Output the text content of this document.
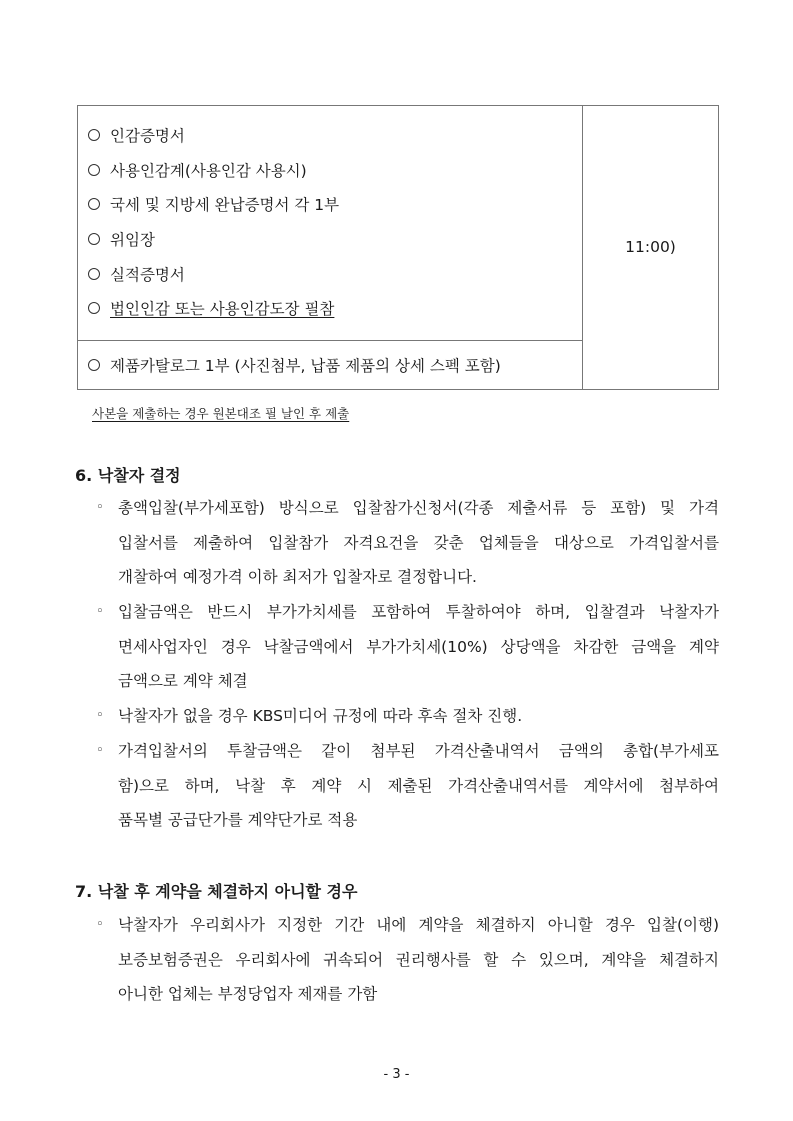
인감증명서
사용인감계(사용인감 사용시)
국세 및 지방세 완납증명서 각 1부
위임장
실적증명서
법인인감 또는 사용인감도장 필참
	11:00)

제품카탈로그 1부 (사진첨부, 납품 제품의 상세 스펙 포함)
사본을 제출하는 경우 원본대조 필 날인 후 제출
6. 낙찰자 결정
◦ 총액입찰(부가세포함) 방식으로 입찰참가신청서(각종 제출서류 등 포함) 및 가격
입찰서를 제출하여 입찰참가 자격요건을 갖춘 업체들을 대상으로 가격입찰서를
개찰하여 예정가격 이하 최저가 입찰자로 결정합니다.
◦ 입찰금액은 반드시 부가가치세를 포함하여 투찰하여야 하며, 입찰결과 낙찰자가
면세사업자인 경우 낙찰금액에서 부가가치세(10%) 상당액을 차감한 금액을 계약
금액으로 계약 체결
◦ 낙찰자가 없을 경우 KBS미디어 규정에 따라 후속 절차 진행.
◦ 가격입찰서의 투찰금액은 같이 첨부된 가격산출내역서 금액의 총합(부가세포
함)으로 하며, 낙찰 후 계약 시 제출된 가격산출내역서를 계약서에 첨부하여
품목별 공급단가를 계약단가로 적용
7. 낙찰 후 계약을 체결하지 아니할 경우
◦ 낙찰자가 우리회사가 지정한 기간 내에 계약을 체결하지 아니할 경우 입찰(이행)
보증보험증권은 우리회사에 귀속되어 권리행사를 할 수 있으며, 계약을 체결하지
아니한 업체는 부정당업자 제재를 가함
- 3 -
